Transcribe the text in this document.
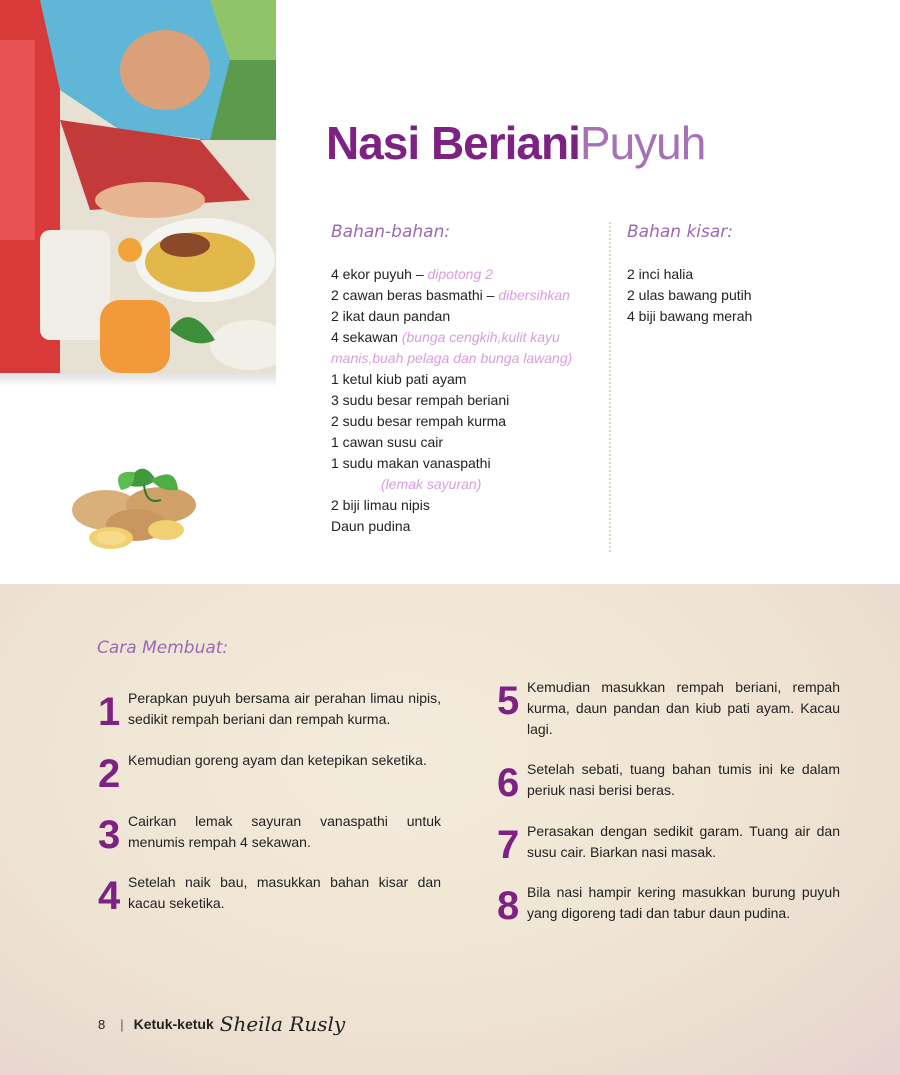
Nasi BerianiPuyuh
Bahan-bahan:
4 ekor puyuh – dipotong 2
2 cawan beras basmathi – dibersihkan
2 ikat daun pandan
4 sekawan (bunga cengkih,kulit kayu manis,buah pelaga dan bunga lawang)
1 ketul kiub pati ayam
3 sudu besar rempah beriani
2 sudu besar rempah kurma
1 cawan susu cair
1 sudu makan vanaspathi
(lemak sayuran)
2 biji limau nipis
Daun pudina
Bahan kisar:
2 inci halia
2 ulas bawang putih
4 biji bawang merah
Cara Membuat:
1 Perapkan puyuh bersama air perahan limau nipis, sedikit rempah beriani dan rempah kurma.
2 Kemudian goreng ayam dan ketepikan seketika.
3 Cairkan lemak sayuran vanaspathi untuk menumis rempah 4 sekawan.
4 Setelah naik bau, masukkan bahan kisar dan kacau seketika.
5 Kemudian masukkan rempah beriani, rempah kurma, daun pandan dan kiub pati ayam. Kacau lagi.
6 Setelah sebati, tuang bahan tumis ini ke dalam periuk nasi berisi beras.
7 Perasakan dengan sedikit garam. Tuang air dan susu cair. Biarkan nasi masak.
8 Bila nasi hampir kering masukkan burung puyuh yang digoreng tadi dan tabur daun pudina.
8 | Ketuk-ketuk Sheila Rusly
